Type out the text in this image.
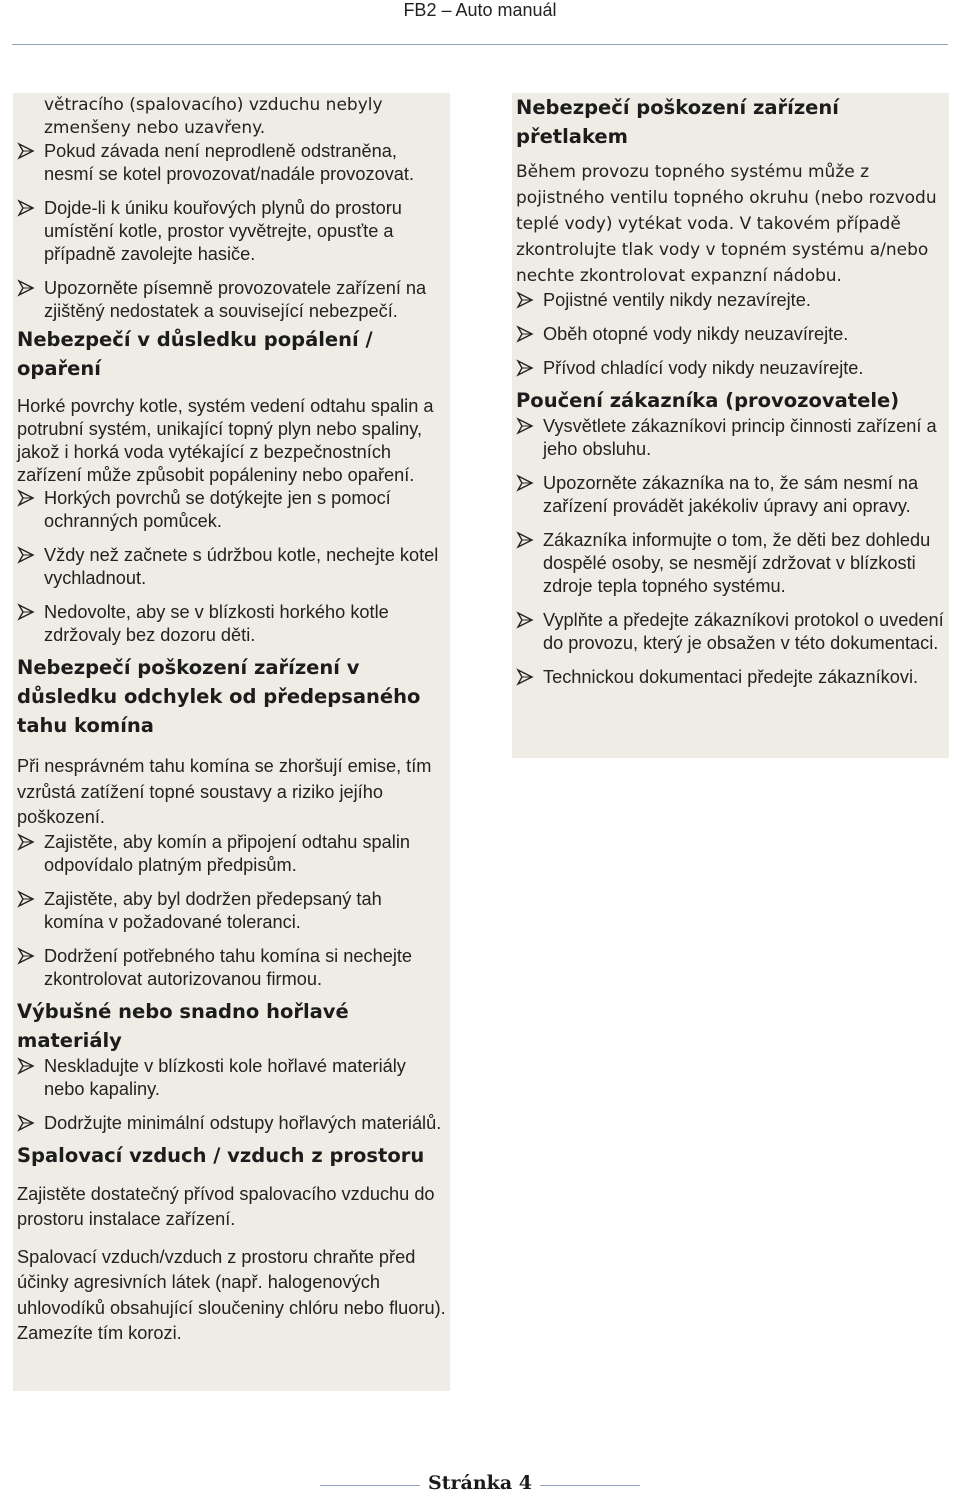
FB2 – Auto manuál

větracího (spalovacího) vzduchu nebyly zmenšeny nebo uzavřeny.

Pokud závada není neprodleně odstraněna, nesmí se kotel provozovat/nadále provozovat.
Dojde-li k úniku kouřových plynů do prostoru umístění kotle, prostor vyvětrejte, opusťte a případně zavolejte hasiče.
Upozorněte písemně provozovatele zařízení na zjištěný nedostatek a související nebezpečí.
Nebezpečí v důsledku popálení / opaření

Horké povrchy kotle, systém vedení odtahu spalin a potrubní systém, unikající topný plyn nebo spaliny, jakož i horká voda vytékající z bezpečnostních zařízení může způsobit popáleniny nebo opaření.

Horkých povrchů se dotýkejte jen s pomocí ochranných pomůcek.
Vždy než začnete s údržbou kotle, nechejte kotel vychladnout.
Nedovolte, aby se v blízkosti horkého kotle zdržovaly bez dozoru děti.
Nebezpečí poškození zařízení v důsledku odchylek od předepsaného tahu komína

Při nesprávném tahu komína se zhoršují emise, tím vzrůstá zatížení topné soustavy a riziko jejího poškození.

Zajistěte, aby komín a připojení odtahu spalin odpovídalo platným předpisům.
Zajistěte, aby byl dodržen předepsaný tah komína v požadované toleranci.
Dodržení potřebného tahu komína si nechejte zkontrolovat autorizovanou firmou.
Výbušné nebo snadno hořlavé materiály
Neskladujte v blízkosti kole hořlavé materiály nebo kapaliny.
Dodržujte minimální odstupy hořlavých materiálů.
Spalovací vzduch / vzduch z prostoru

Zajistěte dostatečný přívod spalovacího vzduchu do prostoru instalace zařízení.

Spalovací vzduch/vzduch z prostoru chraňte před účinky agresivních látek (např. halogenových uhlovodíků obsahující sloučeniny chlóru nebo fluoru). Zamezíte tím korozi.

Nebezpečí poškození zařízení přetlakem

Během provozu topného systému může z pojistného ventilu topného okruhu (nebo rozvodu teplé vody) vytékat voda. V takovém případě zkontrolujte tlak vody v topném systému a/nebo nechte zkontrolovat expanzní nádobu.

Pojistné ventily nikdy nezavírejte.
Oběh otopné vody nikdy neuzavírejte.
Přívod chladící vody nikdy neuzavírejte.
Poučení zákazníka (provozovatele)
Vysvětlete zákazníkovi princip činnosti zařízení a jeho obsluhu.
Upozorněte zákazníka na to, že sám nesmí na zařízení provádět jakékoliv úpravy ani opravy.
Zákazníka informujte o tom, že děti bez dohledu dospělé osoby, se nesmějí zdržovat v blízkosti zdroje tepla topného systému.
Vyplňte a předejte zákazníkovi protokol o uvedení do provozu, který je obsažen v této dokumentaci.
Technickou dokumentaci předejte zákazníkovi.
Stránka 4
